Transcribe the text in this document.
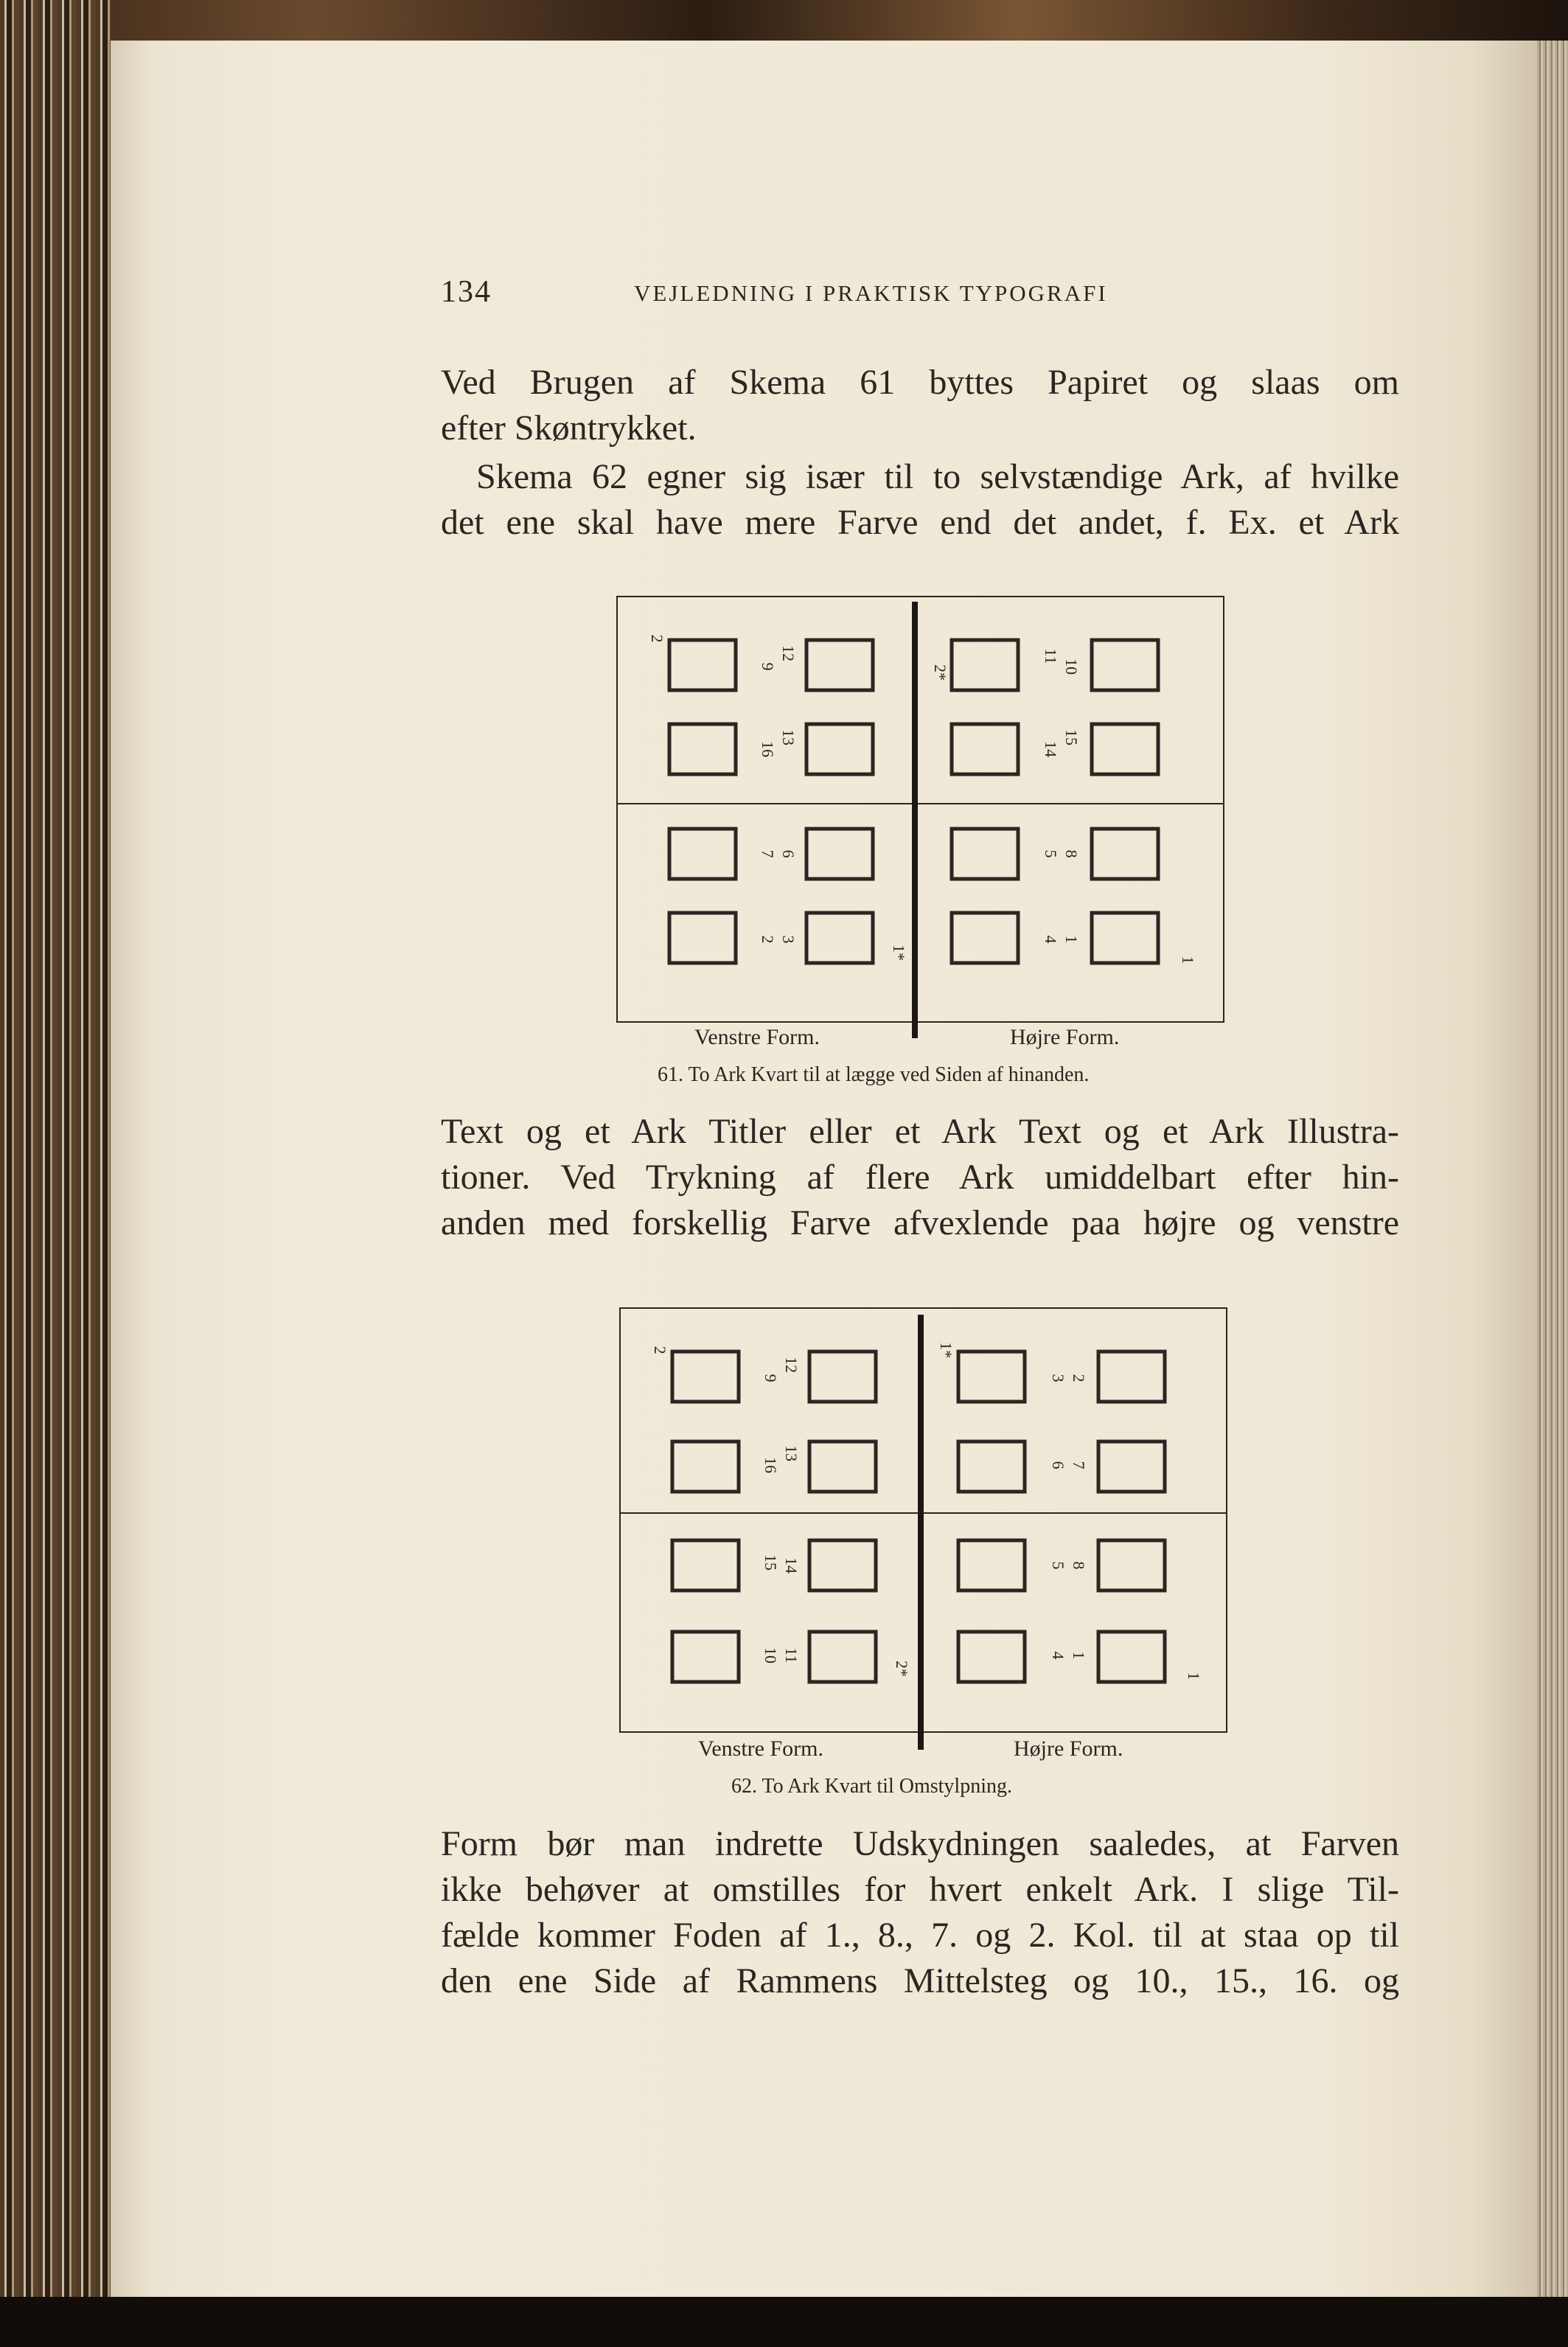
134	VEJLEDNING I PRAKTISK TYPOGRAFI

Ved Brugen af Skema 61 byttes Papiret og slaas om

efter Skøntrykket.

Skema 62 egner sig især til to selvstændige Ark, af hvilke

det ene skal have mere Farve end det andet, f. Ex. et Ark

2
9
12
16
13
7 6
2 3
1*
2*
11
10
14
15
5 8
4 1
1
Venstre Form.	Højre Form.
61. To Ark Kvart til at lægge ved Siden af hinanden.

Text og et Ark Titler eller et Ark Text og et Ark Illustra-

tioner. Ved Trykning af flere Ark umiddelbart efter hin-

anden med forskellig Farve afvexlende paa højre og venstre

2
9
12
16
13
15 14
10 11
2*
1*
3 2
6 7
5 8
4 1
1
Venstre Form.	Højre Form.
62. To Ark Kvart til Omstylpning.

Form bør man indrette Udskydningen saaledes, at Farven

ikke behøver at omstilles for hvert enkelt Ark. I slige Til-

fælde kommer Foden af 1., 8., 7. og 2. Kol. til at staa op til

den ene Side af Rammens Mittelsteg og 10., 15., 16. og
